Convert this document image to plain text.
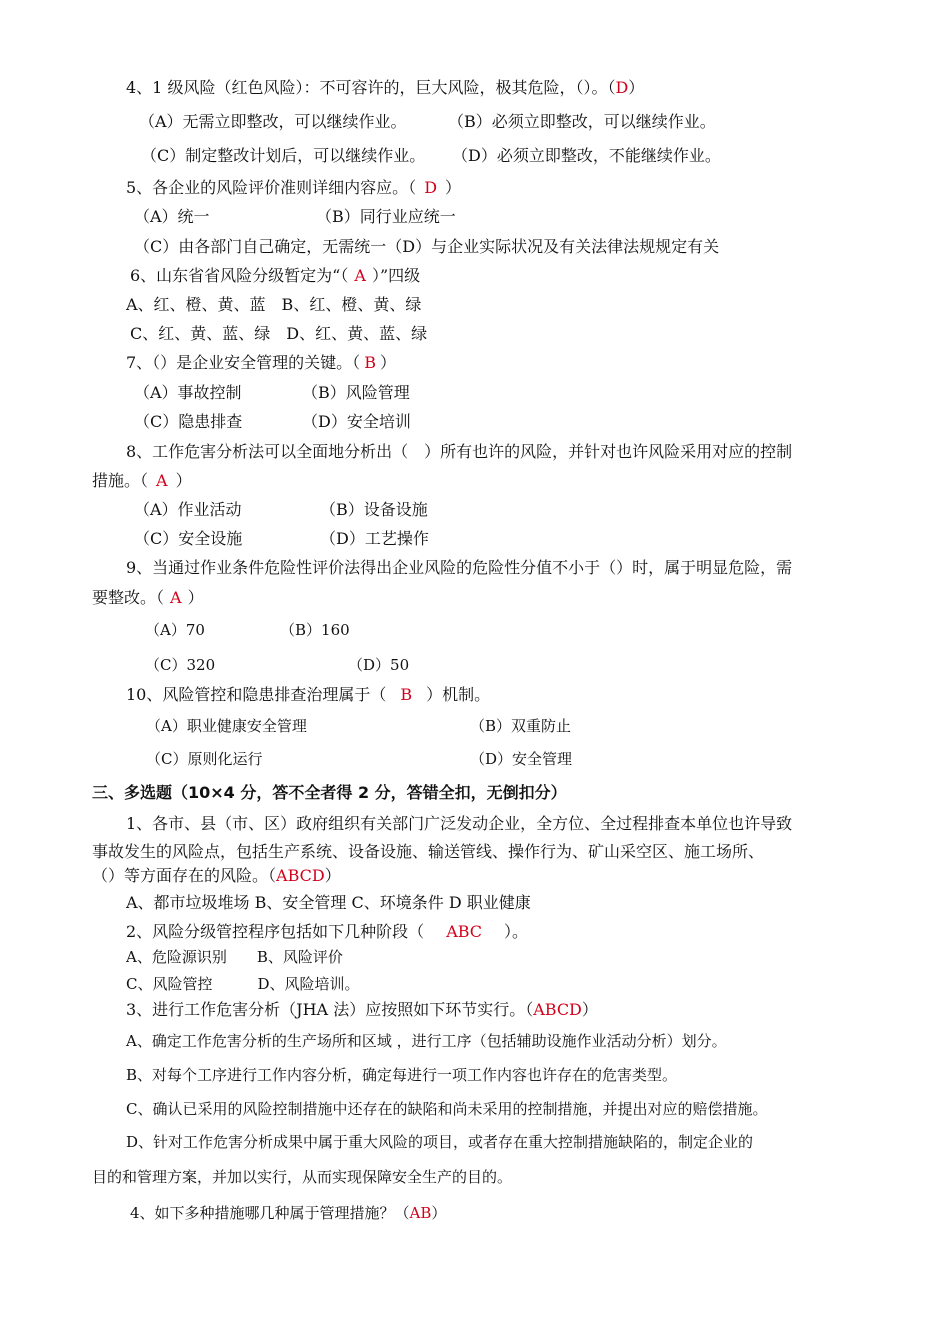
4、1 级风险（红色风险）：不可容许的，巨大风险，极其危险，（）。（D）
（A）无需立即整改，可以继续作业。	（B）必须立即整改，可以继续作业。
（C）制定整改计划后，可以继续作业。 （D）必须立即整改，不能继续作业。
5、各企业的风险评价准则详细内容应。（ D ）
（A）统一	（B）同行业应统一
（C）由各部门自己确定，无需统一（D）与企业实际状况及有关法律法规规定有关
6、山东省省风险分级暂定为“（ A ）”四级
A、红、橙、黄、蓝　B、红、橙、黄、绿
C、红、黄、蓝、绿　D、红、黄、蓝、绿
7、（）是企业安全管理的关键。（ B ）
（A）事故控制	（B）风险管理
（C）隐患排查	（D）安全培训
8、工作危害分析法可以全面地分析出（　）所有也许的风险，并针对也许风险采用对应的控制
措施。（ A ）
（A）作业活动	（B）设备设施
（C）安全设施	（D）工艺操作
9、当通过作业条件危险性评价法得出企业风险的危险性分值不小于（）时，属于明显危险，需
要整改。（ A ）
（A）70	（B）160
（C）320	（D）50
10、风险管控和隐患排查治理属于（ B ）机制。
（A）职业健康安全管理	（B）双重防止
（C）原则化运行	（D）安全管理
三、多选题（10×4 分，答不全者得 2 分，答错全扣，无倒扣分）
1、各市、县（市、区）政府组织有关部门广泛发动企业，全方位、全过程排查本单位也许导致
事故发生的风险点，包括生产系统、设备设施、输送管线、操作行为、矿山采空区、施工场所、
（）等方面存在的风险。（ABCD）
A、都市垃圾堆场 B、安全管理 C、环境条件 D 职业健康
2、风险分级管控程序包括如下几种阶段（ ABC ）。
A、危险源识别　　B、风险评价
C、风险管控　　　D、风险培训。
3、进行工作危害分析（JHA 法）应按照如下环节实行。（ABCD）
A、确定工作危害分析的生产场所和区域 ，进行工序（包括辅助设施作业活动分析）划分。
B、对每个工序进行工作内容分析，确定每进行一项工作内容也许存在的危害类型。
C、确认已采用的风险控制措施中还存在的缺陷和尚未采用的控制措施，并提出对应的赔偿措施。
D、针对工作危害分析成果中属于重大风险的项目，或者存在重大控制措施缺陷的，制定企业的
目的和管理方案，并加以实行，从而实现保障安全生产的目的。
4、如下多种措施哪几种属于管理措施？（AB）
